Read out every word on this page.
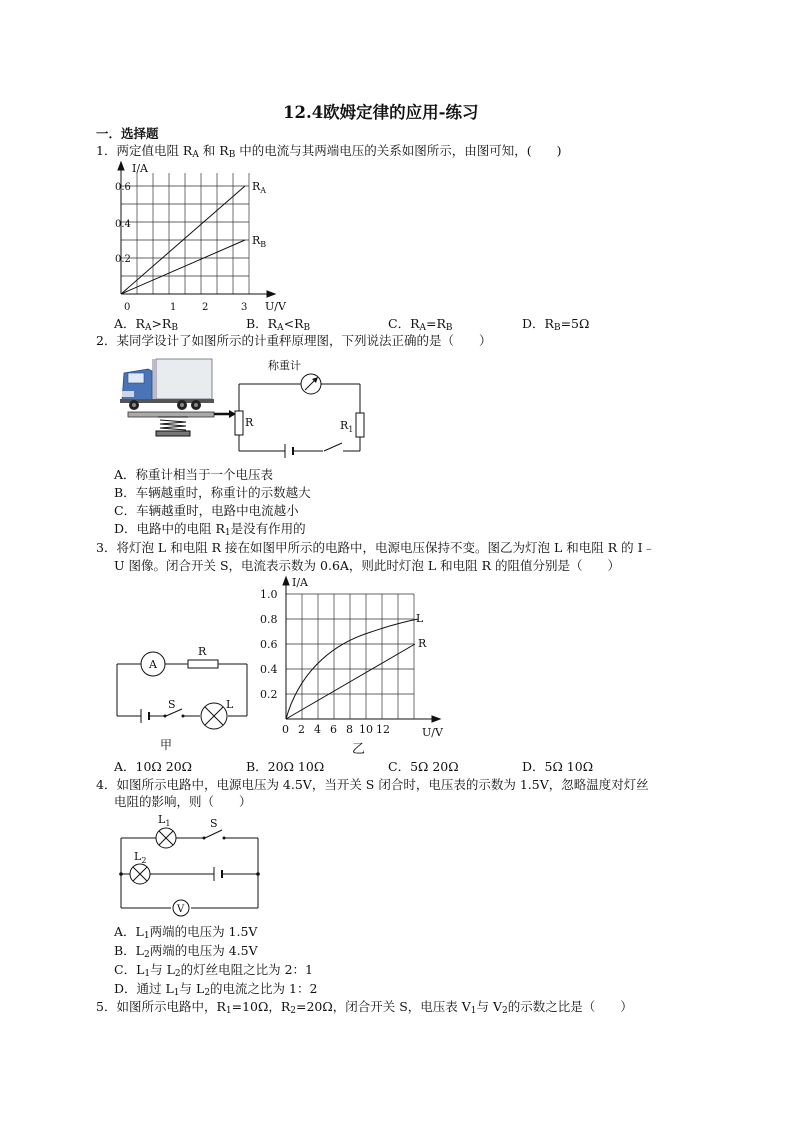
12.4欧姆定律的应用-练习
一．选择题
1．两定值电阻 $R_A$ 和 $R_B$ 中的电流与其两端电压的关系如图所示，由图可知，(　　)
I/A
0.6
0.4
0.2
0	1	2	3 U/V
$R_A$
$R_B$
A．$R_A>R_B$	B．$R_A<R_B$	C．$R_A=R_B$	D．$R_B=5\Omega$
2．某同学设计了如图所示的计重秤原理图，下列说法正确的是（　　）
称重计
R	$R_1$
A．称重计相当于一个电压表
B．车辆越重时，称重计的示数越大
C．车辆越重时，电路中电流越小
D．电路中的电阻 $R_1$是没有作用的
3．将灯泡 L 和电阻 R 接在如图甲所示的电路中，电源电压保持不变。图乙为灯泡 L 和电阻 R 的 I﹣
U 图像。闭合开关 S，电流表示数为 0.6A，则此时灯泡 L 和电阻 R 的阻值分别是（　　）
A
R
S	L
甲
I/A
1.0
0.8
0.6
0.4
0.2
0 2 4 6 8 10 12	U/V
L
R
乙
A．10Ω 20Ω	B．20Ω 10Ω	C．5Ω 20Ω	D．5Ω 10Ω
4．如图所示电路中，电源电压为 4.5V，当开关 S 闭合时，电压表的示数为 1.5V，忽略温度对灯丝
电阻的影响，则（　　）
$L_1$
$L_2$
S
V
A．$L_1$两端的电压为 1.5V
B．$L_2$两端的电压为 4.5V
C．$L_1$与 $L_2$的灯丝电阻之比为 2：1
D．通过 $L_1$与 $L_2$的电流之比为 1：2
5．如图所示电路中，$R_1=10\Omega$，$R_2=20\Omega$，闭合开关 S，电压表 $V_1$与 $V_2$的示数之比是（　　）
